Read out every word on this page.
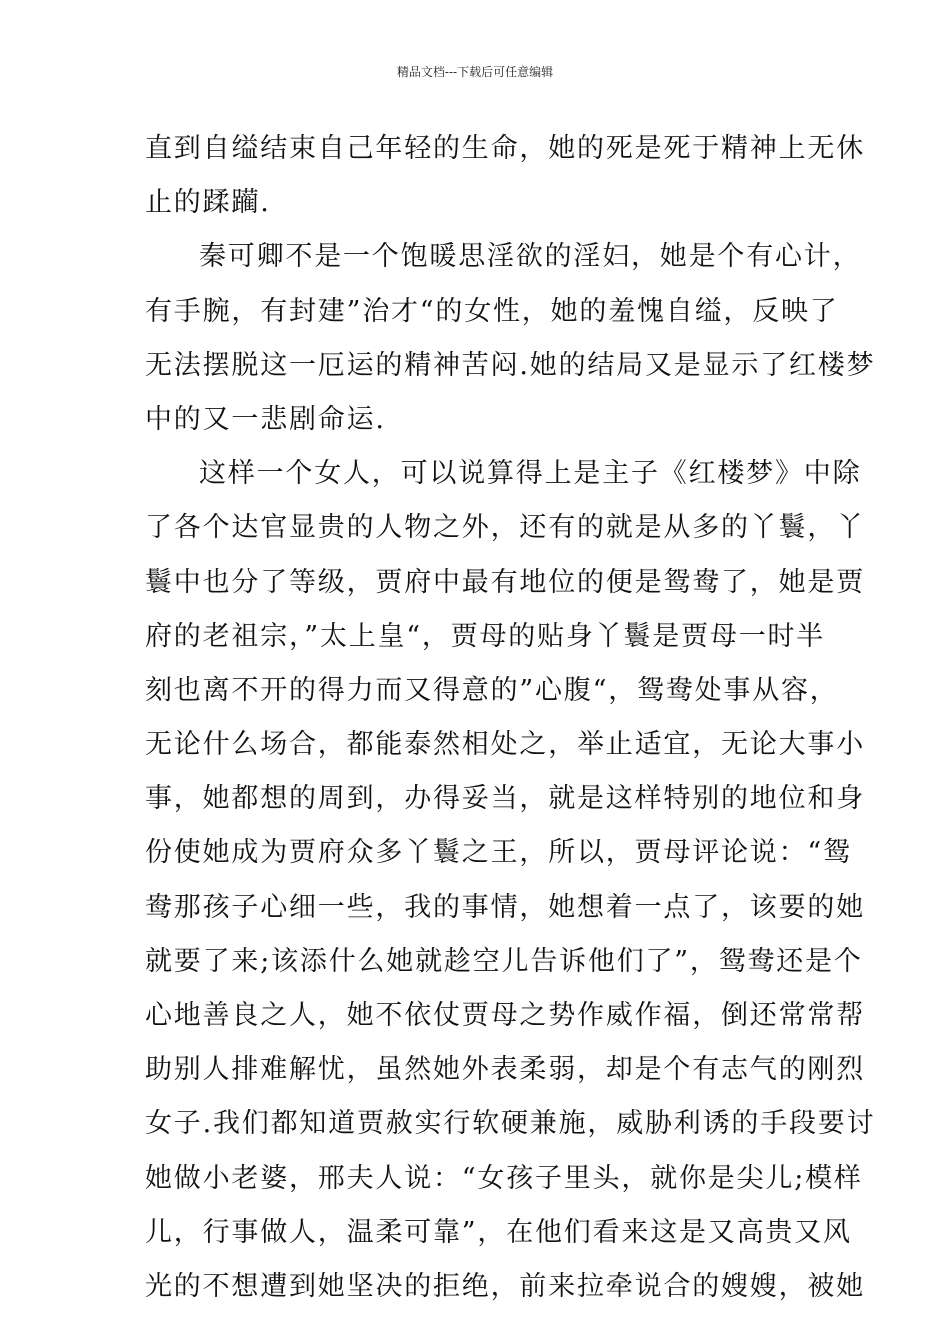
精品文档---下载后可任意编辑
直到自缢结束自己年轻的生命，她的死是死于精神上无休
止的蹂躏.
秦可卿不是一个饱暖思淫欲的淫妇，她是个有心计，
有手腕，有封建”治才“的女性，她的羞愧自缢，反映了
无法摆脱这一厄运的精神苦闷.她的结局又是显示了红楼梦
中的又一悲剧命运.
这样一个女人，可以说算得上是主子《红楼梦》中除
了各个达官显贵的人物之外，还有的就是从多的丫鬟，丫
鬟中也分了等级，贾府中最有地位的便是鸳鸯了，她是贾
府的老祖宗，”太上皇“，贾母的贴身丫鬟是贾母一时半
刻也离不开的得力而又得意的”心腹“，鸳鸯处事从容，
无论什么场合，都能泰然相处之，举止适宜，无论大事小
事，她都想的周到，办得妥当，就是这样特别的地位和身
份使她成为贾府众多丫鬟之王，所以，贾母评论说：“鸳
鸯那孩子心细一些，我的事情，她想着一点了，该要的她
就要了来;该添什么她就趁空儿告诉他们了”，鸳鸯还是个
心地善良之人，她不依仗贾母之势作威作福，倒还常常帮
助别人排难解忧，虽然她外表柔弱，却是个有志气的刚烈
女子.我们都知道贾赦实行软硬兼施，威胁利诱的手段要讨
她做小老婆，邢夫人说：“女孩子里头，就你是尖儿;模样
儿，行事做人，温柔可靠”，在他们看来这是又高贵又风
光的不想遭到她坚决的拒绝，前来拉牵说合的嫂嫂，被她
